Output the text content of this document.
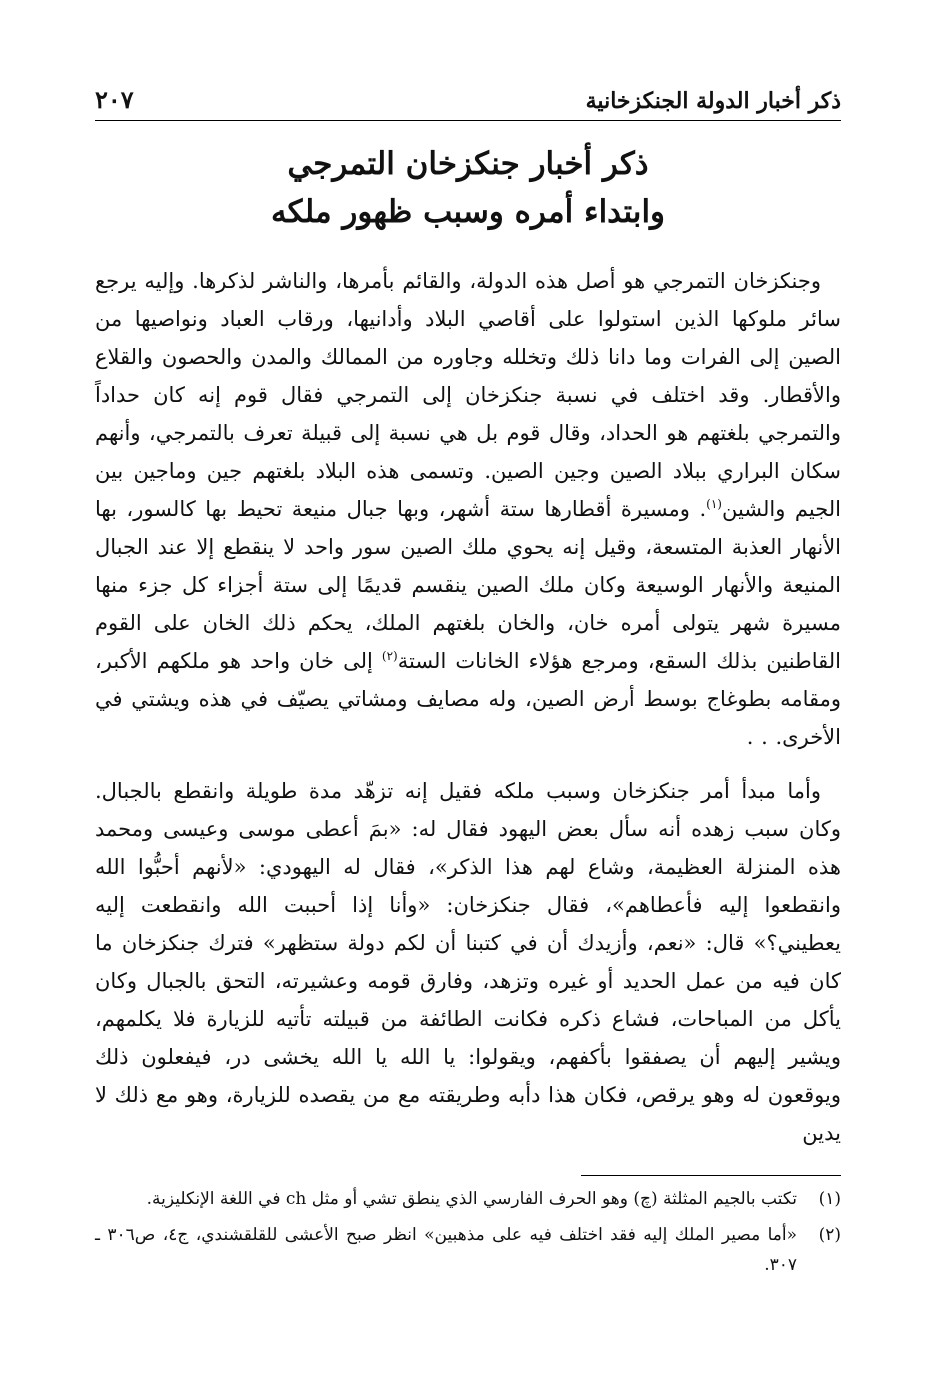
ذكر أخبار الدولة الجنكزخانية
٢٠٧
ذكر أخبار جنكزخان التمرجي
وابتداء أمره وسبب ظهور ملكه

وجنكزخان التمرجي هو أصل هذه الدولة، والقائم بأمرها، والناشر لذكرها. وإليه يرجع سائر ملوكها الذين استولوا على أقاصي البلاد وأدانيها، ورقاب العباد ونواصيها من الصين إلى الفرات وما دانا ذلك وتخلله وجاوره من الممالك والمدن والحصون والقلاع والأقطار. وقد اختلف في نسبة جنكزخان إلى التمرجي فقال قوم إنه كان حداداً والتمرجي بلغتهم هو الحداد، وقال قوم بل هي نسبة إلى قبيلة تعرف بالتمرجي، وأنهم سكان البراري ببلاد الصين وجين الصين. وتسمى هذه البلاد بلغتهم جين وماجين بين الجيم والشين$^{(١)}$. ومسيرة أقطارها ستة أشهر، وبها جبال منيعة تحيط بها كالسور، بها الأنهار العذبة المتسعة، وقيل إنه يحوي ملك الصين سور واحد لا ينقطع إلا عند الجبال المنيعة والأنهار الوسيعة وكان ملك الصين ينقسم قديمًا إلى ستة أجزاء كل جزء منها مسيرة شهر يتولى أمره خان، والخان بلغتهم الملك، يحكم ذلك الخان على القوم القاطنين بذلك السقع، ومرجع هؤلاء الخانات الستة$^{(٢)}$ إلى خان واحد هو ملكهم الأكبر، ومقامه بطوغاج بوسط أرض الصين، وله مصايف ومشاتي يصيّف في هذه ويشتي في الأخرى. . .

وأما مبدأ أمر جنكزخان وسبب ملكه فقيل إنه تزهّد مدة طويلة وانقطع بالجبال. وكان سبب زهده أنه سأل بعض اليهود فقال له: «بمَ أعطى موسى وعيسى ومحمد هذه المنزلة العظيمة، وشاع لهم هذا الذكر»، فقال له اليهودي: «لأنهم أحبُّوا الله وانقطعوا إليه فأعطاهم»، فقال جنكزخان: «وأنا إذا أحببت الله وانقطعت إليه يعطيني؟» قال: «نعم، وأزيدك أن في كتبنا أن لكم دولة ستظهر» فترك جنكزخان ما كان فيه من عمل الحديد أو غيره وتزهد، وفارق قومه وعشيرته، التحق بالجبال وكان يأكل من المباحات، فشاع ذكره فكانت الطائفة من قبيلته تأتيه للزيارة فلا يكلمهم، ويشير إليهم أن يصفقوا بأكفهم، ويقولوا: يا الله يا الله يخشى در، فيفعلون ذلك ويوقعون له وهو يرقص، فكان هذا دأبه وطريقته مع من يقصده للزيارة، وهو مع ذلك لا يدين

(١)
تكتب بالجيم المثلثة (چ) وهو الحرف الفارسي الذي ينطق تشي أو مثل ch في اللغة الإنكليزية.
(٢)
«أما مصير الملك إليه فقد اختلف فيه على مذهبين» انظر صبح الأعشى للقلقشندي، ج٤، ص٣٠٦ ـ ٣٠٧.
